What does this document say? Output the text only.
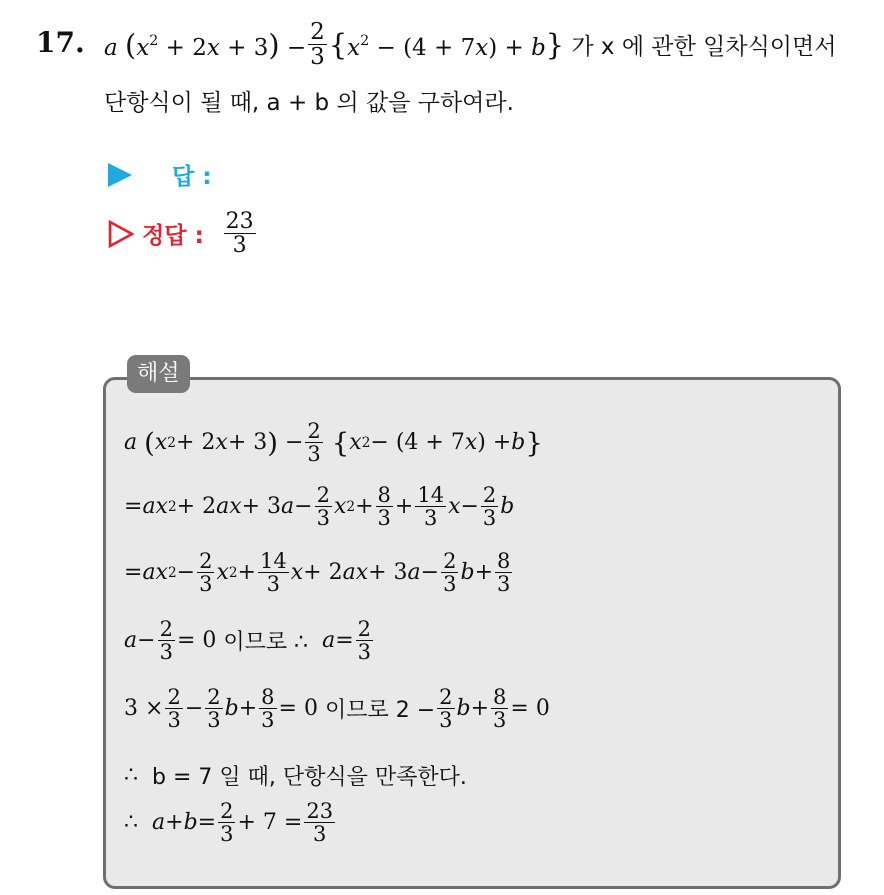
17. a $(x^2 + 2x + 3) - \frac{2}{3} \{x^2 - (4 + 7x) + b\}$ 가 x 에 관한 일차식이면서
단항식이 될 때, a + b 의 값을 구하여라.
답 :
정답 : $\frac{23}{3}$
해설
a
( x 2 + 2 x + 3 ) − $\frac{2}{3}$
{ x 2 − (4 + 7 x ) + b }
= ax 2 + 2 ax + 3 $a - \frac{2}{3}$ x $2 + \frac{8}{3} + \frac{14}{3}$ $x - \frac{2}{3}$ b
= ax $2 - \frac{2}{3}$ x $2 + \frac{14}{3}$ x + 2 ax + 3 $a - \frac{2}{3}$ $b + \frac{8}{3}$
$a - \frac{2}{3} = 0$ 이므로 ∴
$a = \frac{2}{3}$
$3 \times \frac{2}{3} - \frac{2}{3}$ $b + \frac{8}{3} = 0$ 이므로 $2 - \frac{2}{3}$ $b + \frac{8}{3} = 0$
∴ b = 7 일 때, 단항식을 만족한다.
∴
$a + b = \frac{2}{3} + 7 = \frac{23}{3}$
